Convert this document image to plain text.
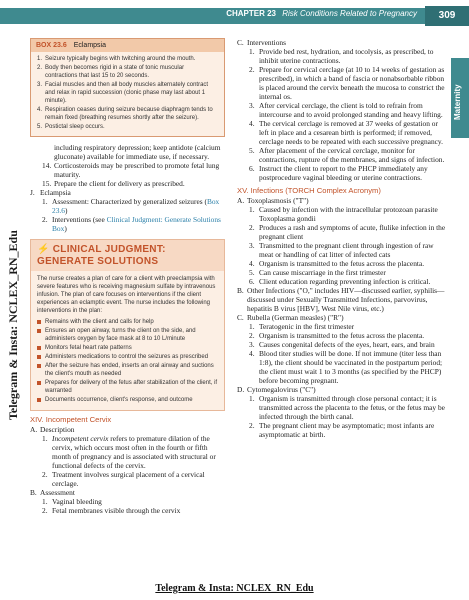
CHAPTER 23 Risk Conditions Related to Pregnancy	309
Maternity
Telegram & Insta: NCLEX_RN_Edu
BOX 23.6 Eclampsia
1. Seizure typically begins with twitching around the mouth.
2. Body then becomes rigid in a state of tonic muscular contractions that last 15 to 20 seconds.
3. Facial muscles and then all body muscles alternately contract and relax in rapid succession (clonic phase may last about 1 minute).
4. Respiration ceases during seizure because diaphragm tends to remain fixed (breathing resumes shortly after the seizure).
5. Postictal sleep occurs.
including respiratory depression; keep antidote (calcium gluconate) available for immediate use, if necessary.
14. Corticosteroids may be prescribed to promote fetal lung maturity.
15. Prepare the client for delivery as prescribed.
J. Eclampsia
1. Assessment: Characterized by generalized seizures (Box 23.6)
2. Interventions (see Clinical Judgment: Generate Solutions Box)
⚡ CLINICAL JUDGMENT:
GENERATE SOLUTIONS
The nurse creates a plan of care for a client with preeclampsia with severe features who is receiving magnesium sulfate by intravenous infusion. The plan of care focuses on interventions if the client experiences an eclamptic event. The nurse includes the following interventions in the plan:
Remains with the client and calls for help
Ensures an open airway, turns the client on the side, and administers oxygen by face mask at 8 to 10 L/minute
Monitors fetal heart rate patterns
Administers medications to control the seizures as prescribed
After the seizure has ended, inserts an oral airway and suctions the client's mouth as needed
Prepares for delivery of the fetus after stabilization of the client, if warranted
Documents occurrence, client's response, and outcome
XIV. Incompetent Cervix
A. Description
1. Incompetent cervix refers to premature dilation of the cervix, which occurs most often in the fourth or fifth month of pregnancy and is associated with structural or functional defects of the cervix.
2. Treatment involves surgical placement of a cervical cerclage.
B. Assessment
1. Vaginal bleeding
2. Fetal membranes visible through the cervix
C. Interventions
1. Provide bed rest, hydration, and tocolysis, as prescribed, to inhibit uterine contractions.
2. Prepare for cervical cerclage (at 10 to 14 weeks of gestation as prescribed), in which a band of fascia or nonabsorbable ribbon is placed around the cervix beneath the mucosa to constrict the internal os.
3. After cervical cerclage, the client is told to refrain from intercourse and to avoid prolonged standing and heavy lifting.
4. The cervical cerclage is removed at 37 weeks of gestation or left in place and a cesarean birth is performed; if removed, cerclage needs to be repeated with each successive pregnancy.
5. After placement of the cervical cerclage, monitor for contractions, rupture of the membranes, and signs of infection.
6. Instruct the client to report to the PHCP immediately any postprocedure vaginal bleeding or uterine contractions.
XV. Infections (TORCH Complex Acronym)
A. Toxoplasmosis ("T")
1. Caused by infection with the intracellular protozoan parasite Toxoplasma gondii
2. Produces a rash and symptoms of acute, flulike infection in the pregnant client
3. Transmitted to the pregnant client through ingestion of raw meat or handling of cat litter of infected cats
4. Organism is transmitted to the fetus across the placenta.
5. Can cause miscarriage in the first trimester
6. Client education regarding preventing infection is critical.
B. Other Infections ("O," includes HIV—discussed earlier, syphilis—discussed under Sexually Transmitted Infections, parvovirus, hepatitis B virus [HBV], West Nile virus, etc.)
C. Rubella (German measles) ("R")
1. Teratogenic in the first trimester
2. Organism is transmitted to the fetus across the placenta.
3. Causes congenital defects of the eyes, heart, ears, and brain
4. Blood titer studies will be done. If not immune (titer less than 1:8), the client should be vaccinated in the postpartum period; the client must wait 1 to 3 months (as specified by the PHCP) before becoming pregnant.
D. Cytomegalovirus ("C")
1. Organism is transmitted through close personal contact; it is transmitted across the placenta to the fetus, or the fetus may be infected through the birth canal.
2. The pregnant client may be asymptomatic; most infants are asymptomatic at birth.
Telegram & Insta: NCLEX_RN_Edu
